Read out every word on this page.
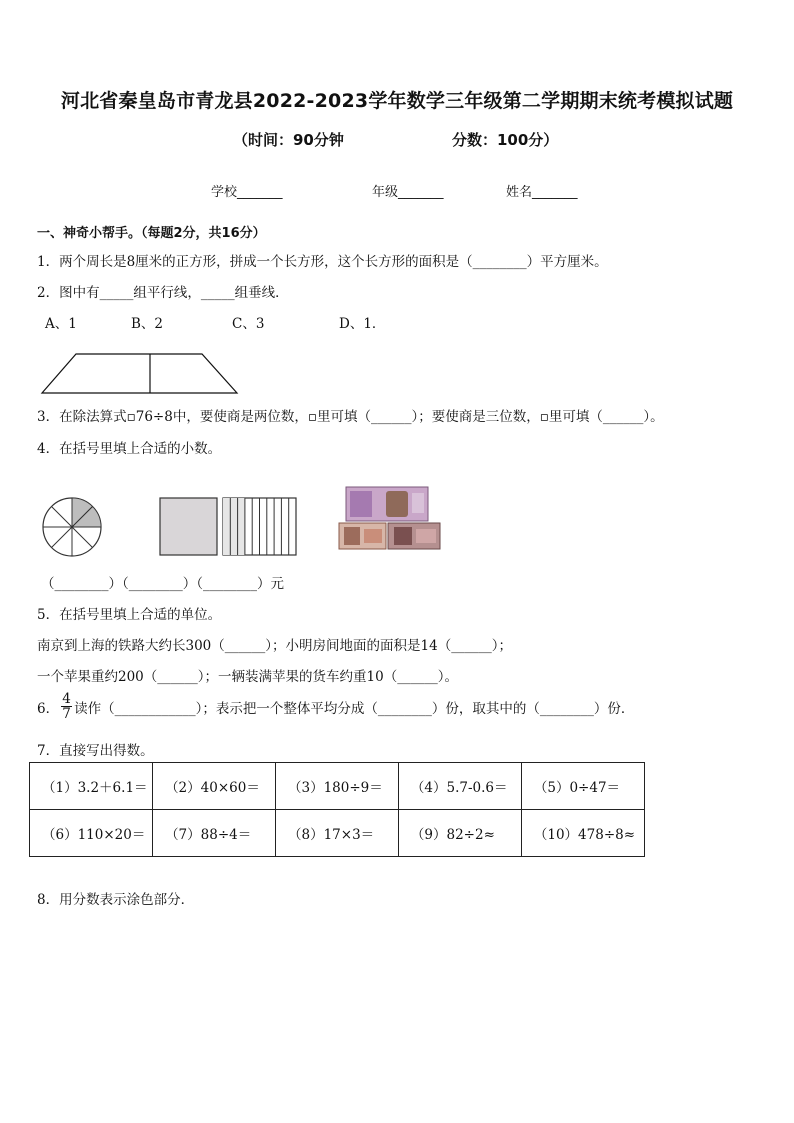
河北省秦皇岛市青龙县2022-2023学年数学三年级第二学期期末统考模拟试题
（时间：90分钟	分数：100分）
学校_______	年级_______	姓名_______
一、神奇小帮手。（每题2分，共16分）
1．两个周长是8厘米的正方形，拼成一个长方形，这个长方形的面积是（________）平方厘米。
2．图中有_____组平行线，_____组垂线．
A、1	B、2	C、3	D、1．
3．在除法算式▫76÷8中，要使商是两位数，▫里可填（______）；要使商是三位数，▫里可填（______）。
4．在括号里填上合适的小数。
（________）（________）（________）元
5．在括号里填上合适的单位。
南京到上海的铁路大约长300（______）；小明房间地面的面积是14（______）；
一个苹果重约200（______）；一辆装满苹果的货车约重10（______）。
6． $\frac{4}{7}$ 读作（____________）；表示把一个整体平均分成（________）份，取其中的（________）份．
7．直接写出得数。
（1）3.2＋6.1＝	（2）40×60＝	（3）180÷9＝	（4）5.7-0.6＝	（5）0÷47＝
（6）110×20＝	（7）88÷4＝	（8）17×3＝	（9）82÷2≈	（10）478÷8≈
8．用分数表示涂色部分．
